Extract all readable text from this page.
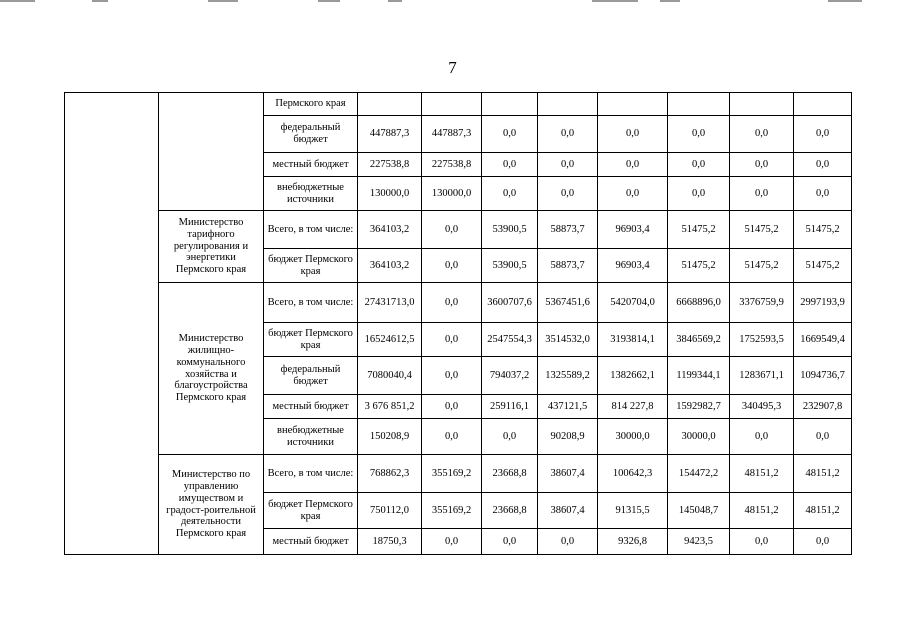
7
		Пермского края								
		федеральный бюджет	447887,3	447887,3	0,0	0,0	0,0	0,0	0,0	0,0
		местный бюджет	227538,8	227538,8	0,0	0,0	0,0	0,0	0,0	0,0
		внебюджетные источники	130000,0	130000,0	0,0	0,0	0,0	0,0	0,0	0,0
	Министерство тарифного регулирования и энергетики Пермского края	Всего, в том числе:	364103,2	0,0	53900,5	58873,7	96903,4	51475,2	51475,2	51475,2
		бюджет Пермского края	364103,2	0,0	53900,5	58873,7	96903,4	51475,2	51475,2	51475,2
	Министерство жилищно-коммунального хозяйства и благоустройства Пермского края	Всего, в том числе:	27431713,0	0,0	3600707,6	5367451,6	5420704,0	6668896,0	3376759,9	2997193,9
		бюджет Пермского края	16524612,5	0,0	2547554,3	3514532,0	3193814,1	3846569,2	1752593,5	1669549,4
		федеральный бюджет	7080040,4	0,0	794037,2	1325589,2	1382662,1	1199344,1	1283671,1	1094736,7
		местный бюджет	3 676 851,2	0,0	259116,1	437121,5	814 227,8	1592982,7	340495,3	232907,8
		внебюджетные источники	150208,9	0,0	0,0	90208,9	30000,0	30000,0	0,0	0,0
	Министерство по управлению имуществом и градост-роительной деятельности Пермского края	Всего, в том числе:	768862,3	355169,2	23668,8	38607,4	100642,3	154472,2	48151,2	48151,2
		бюджет Пермского края	750112,0	355169,2	23668,8	38607,4	91315,5	145048,7	48151,2	48151,2
		местный бюджет	18750,3	0,0	0,0	0,0	9326,8	9423,5	0,0	0,0
